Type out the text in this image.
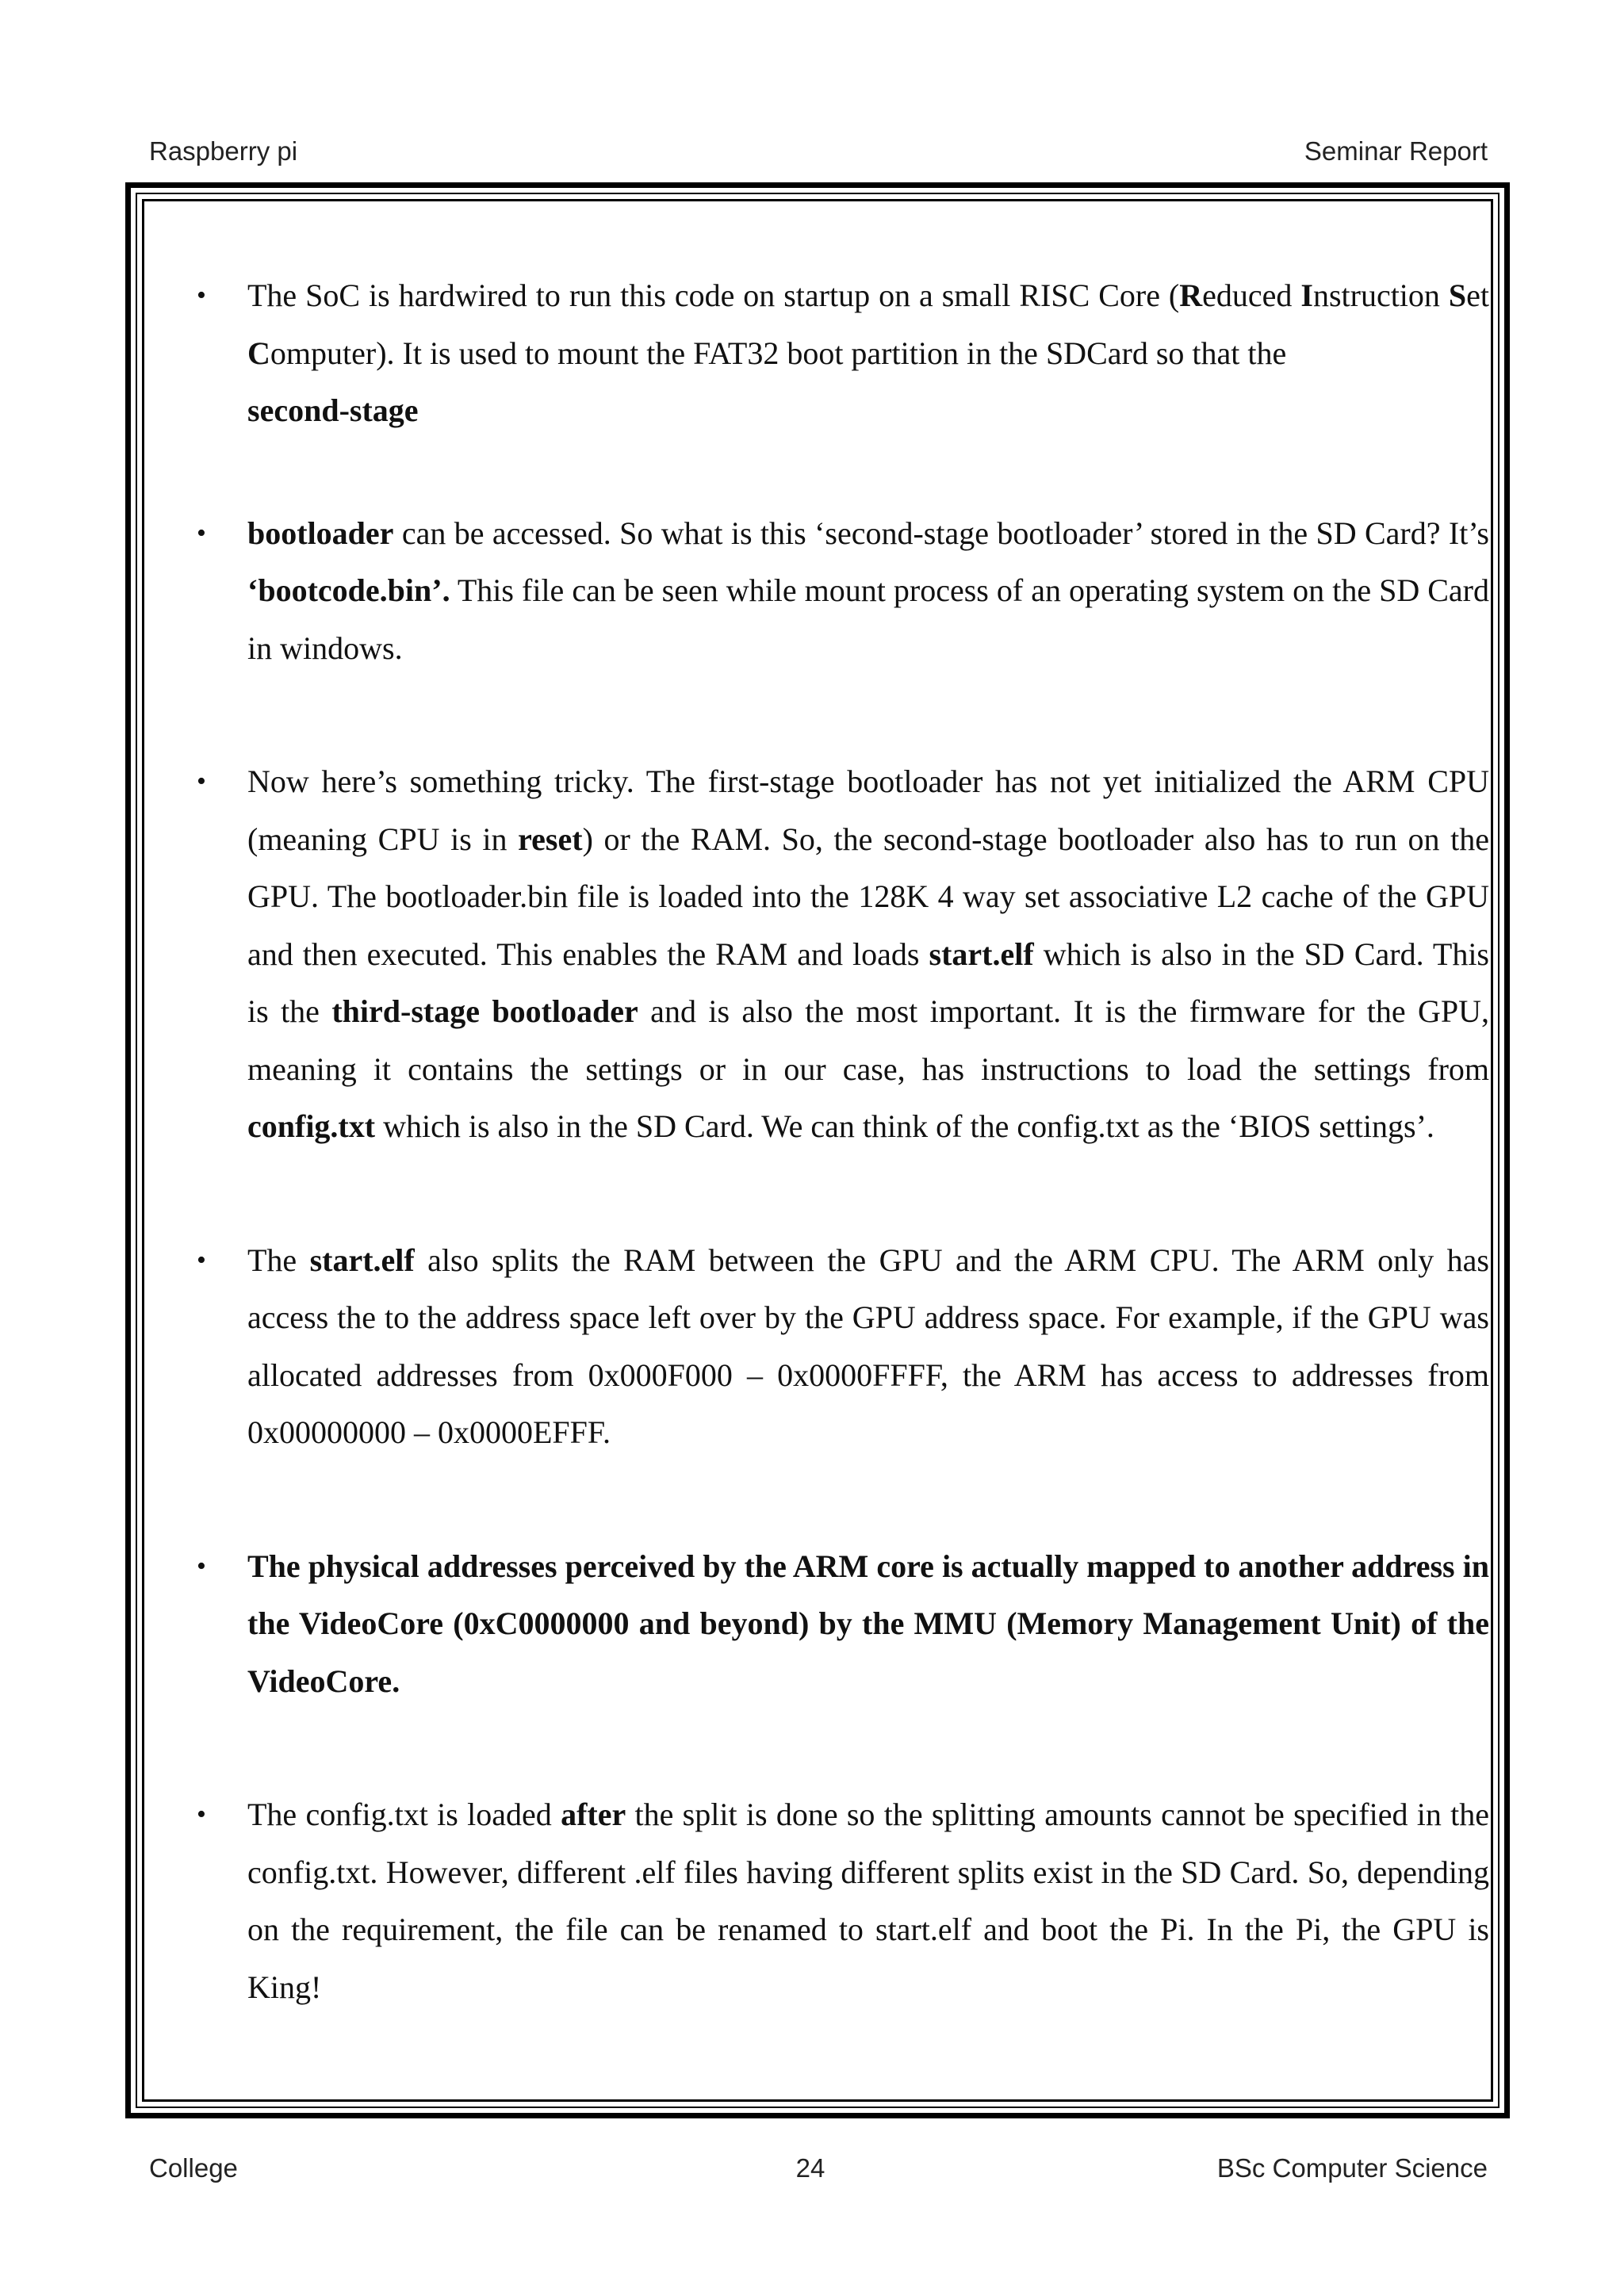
Raspberry pi	Seminar Report
• The SoC is hardwired to run this code on startup on a small RISC Core (Reduced Instruction Set Computer). It is used to mount the FAT32 boot partition in the SDCard so that the
second-stage
• bootloader can be accessed. So what is this ‘second-stage bootloader’ stored in the SD Card? It’s ‘bootcode.bin’. This file can be seen while mount process of an operating system on the SD Card in windows.
• Now here’s something tricky. The first-stage bootloader has not yet initialized the ARM CPU (meaning CPU is in reset) or the RAM. So, the second-stage bootloader also has to run on the GPU. The bootloader.bin file is loaded into the 128K 4 way set associative L2 cache of the GPU and then executed. This enables the RAM and loads start.elf which is also in the SD Card. This is the third-stage bootloader and is also the most important. It is the firmware for the GPU, meaning it contains the settings or in our case, has instructions to load the settings from config.txt which is also in the SD Card. We can think of the config.txt as the ‘BIOS settings’.
• The start.elf also splits the RAM between the GPU and the ARM CPU. The ARM only has access the to the address space left over by the GPU address space. For example, if the GPU was allocated addresses from 0x000F000 – 0x0000FFFF, the ARM has access to addresses from 0x00000000 – 0x0000EFFF.
• The physical addresses perceived by the ARM core is actually mapped to another address in the VideoCore (0xC0000000 and beyond) by the MMU (Memory Management Unit) of the VideoCore.
• The config.txt is loaded after the split is done so the splitting amounts cannot be specified in the config.txt. However, different .elf files having different splits exist in the SD Card. So, depending on the requirement, the file can be renamed to start.elf and boot the Pi. In the Pi, the GPU is King!
College	24	BSc Computer Science
